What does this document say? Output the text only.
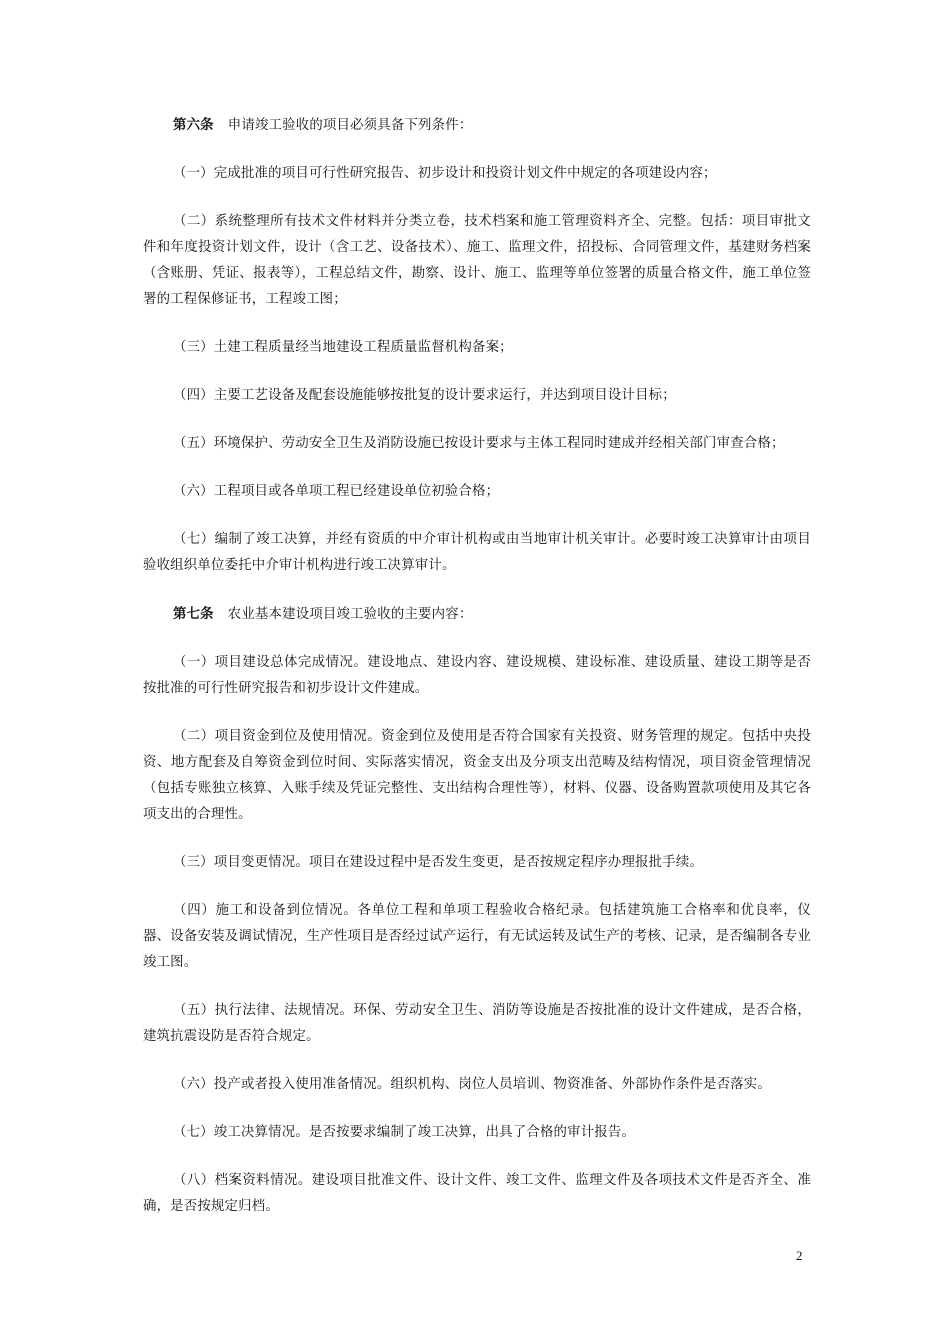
第六条 申请竣工验收的项目必须具备下列条件：

（一）完成批准的项目可行性研究报告、初步设计和投资计划文件中规定的各项建设内容；

（二）系统整理所有技术文件材料并分类立卷，技术档案和施工管理资料齐全、完整。包括：项目审批文件和年度投资计划文件，设计（含工艺、设备技术）、施工、监理文件，招投标、合同管理文件，基建财务档案（含账册、凭证、报表等），工程总结文件，勘察、设计、施工、监理等单位签署的质量合格文件，施工单位签署的工程保修证书，工程竣工图；

（三）土建工程质量经当地建设工程质量监督机构备案；

（四）主要工艺设备及配套设施能够按批复的设计要求运行，并达到项目设计目标；

（五）环境保护、劳动安全卫生及消防设施已按设计要求与主体工程同时建成并经相关部门审查合格；

（六）工程项目或各单项工程已经建设单位初验合格；

（七）编制了竣工决算，并经有资质的中介审计机构或由当地审计机关审计。必要时竣工决算审计由项目验收组织单位委托中介审计机构进行竣工决算审计。

第七条 农业基本建设项目竣工验收的主要内容：

（一）项目建设总体完成情况。建设地点、建设内容、建设规模、建设标准、建设质量、建设工期等是否按批准的可行性研究报告和初步设计文件建成。

（二）项目资金到位及使用情况。资金到位及使用是否符合国家有关投资、财务管理的规定。包括中央投资、地方配套及自筹资金到位时间、实际落实情况，资金支出及分项支出范畴及结构情况，项目资金管理情况（包括专账独立核算、入账手续及凭证完整性、支出结构合理性等），材料、仪器、设备购置款项使用及其它各项支出的合理性。

（三）项目变更情况。项目在建设过程中是否发生变更，是否按规定程序办理报批手续。

（四）施工和设备到位情况。各单位工程和单项工程验收合格纪录。包括建筑施工合格率和优良率，仪器、设备安装及调试情况，生产性项目是否经过试产运行，有无试运转及试生产的考核、记录，是否编制各专业竣工图。

（五）执行法律、法规情况。环保、劳动安全卫生、消防等设施是否按批准的设计文件建成，是否合格，建筑抗震设防是否符合规定。

（六）投产或者投入使用准备情况。组织机构、岗位人员培训、物资准备、外部协作条件是否落实。

（七）竣工决算情况。是否按要求编制了竣工决算，出具了合格的审计报告。

（八）档案资料情况。建设项目批准文件、设计文件、竣工文件、监理文件及各项技术文件是否齐全、准确，是否按规定归档。

2
